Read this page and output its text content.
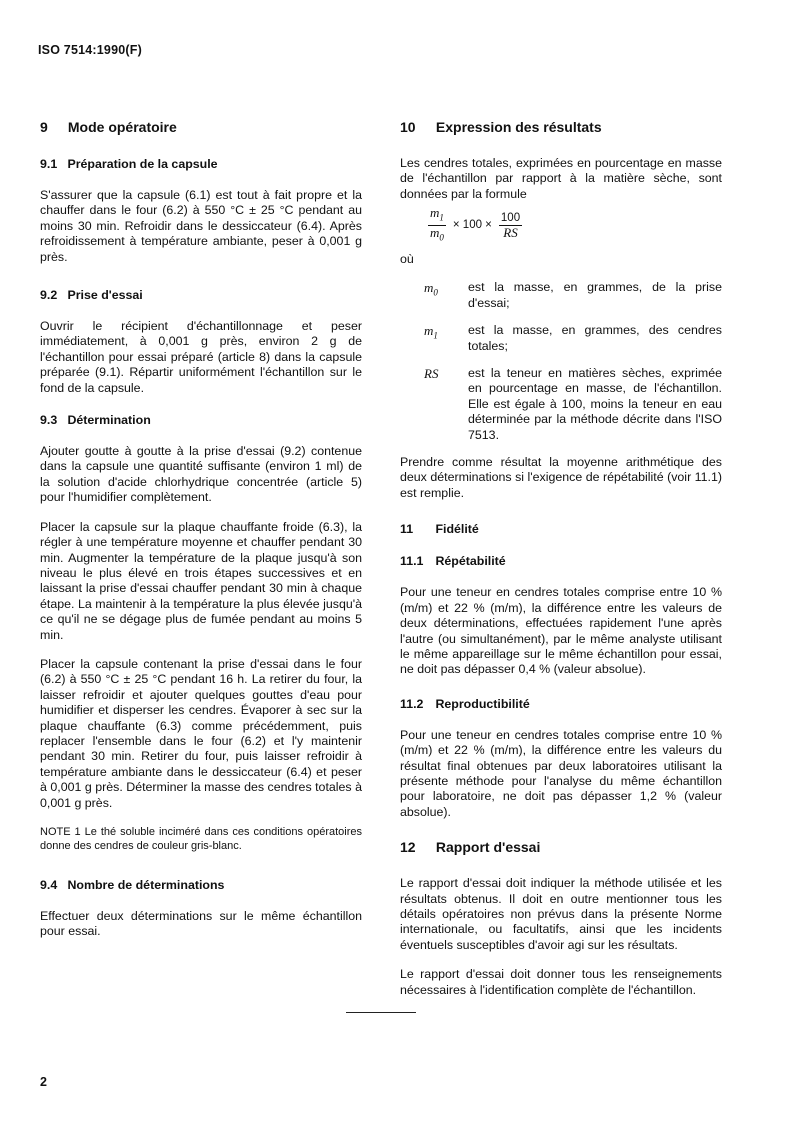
ISO 7514:1990(F)
9 Mode opératoire
9.1 Préparation de la capsule

S'assurer que la capsule (6.1) est tout à fait propre et la chauffer dans le four (6.2) à 550 °C ± 25 °C pendant au moins 30 min. Refroidir dans le dessiccateur (6.4). Après refroidissement à température ambiante, peser à 0,001 g près.

9.2 Prise d'essai

Ouvrir le récipient d'échantillonnage et peser immédiatement, à 0,001 g près, environ 2 g de l'échantillon pour essai préparé (article 8) dans la capsule préparée (9.1). Répartir uniformément l'échantillon sur le fond de la capsule.

9.3 Détermination

Ajouter goutte à goutte à la prise d'essai (9.2) contenue dans la capsule une quantité suffisante (environ 1 ml) de la solution d'acide chlorhydrique concentrée (article 5) pour l'humidifier complètement.

Placer la capsule sur la plaque chauffante froide (6.3), la régler à une température moyenne et chauffer pendant 30 min. Augmenter la température de la plaque jusqu'à son niveau le plus élevé en trois étapes successives et en laissant la prise d'essai chauffer pendant 30 min à chaque étape. La maintenir à la température la plus élevée jusqu'à ce qu'il ne se dégage plus de fumée pendant au moins 5 min.

Placer la capsule contenant la prise d'essai dans le four (6.2) à 550 °C ± 25 °C pendant 16 h. La retirer du four, la laisser refroidir et ajouter quelques gouttes d'eau pour humidifier et disperser les cendres. Évaporer à sec sur la plaque chauffante (6.3) comme précédemment, puis replacer l'ensemble dans le four (6.2) et l'y maintenir pendant 30 min. Retirer du four, puis laisser refroidir à température ambiante dans le dessiccateur (6.4) et peser à 0,001 g près. Déterminer la masse des cendres totales à 0,001 g près.

NOTE 1 Le thé soluble inciméré dans ces conditions opératoires donne des cendres de couleur gris-blanc.

9.4 Nombre de déterminations

Effectuer deux déterminations sur le même échantillon pour essai.

10 Expression des résultats

Les cendres totales, exprimées en pourcentage en masse de l'échantillon par rapport à la matière sèche, sont données par la formule

$\frac{m_1}{m_0} \times 100 \times \frac{100}{RS}$
où
$m_0$	est la masse, en grammes, de la prise d'essai;
$m_1$	est la masse, en grammes, des cendres totales;
RS	est la teneur en matières sèches, exprimée en pourcentage en masse, de l'échantillon. Elle est égale à 100, moins la teneur en eau déterminée par la méthode décrite dans l'ISO 7513.

Prendre comme résultat la moyenne arithmétique des deux déterminations si l'exigence de répétabilité (voir 11.1) est remplie.

11 Fidélité
11.1 Répétabilité

Pour une teneur en cendres totales comprise entre 10 % (m/m) et 22 % (m/m), la différence entre les valeurs de deux déterminations, effectuées rapidement l'une après l'autre (ou simultanément), par le même analyste utilisant le même appareillage sur le même échantillon pour essai, ne doit pas dépasser 0,4 % (valeur absolue).

11.2 Reproductibilité

Pour une teneur en cendres totales comprise entre 10 % (m/m) et 22 % (m/m), la différence entre les valeurs du résultat final obtenues par deux laboratoires utilisant la présente méthode pour l'analyse du même échantillon pour laboratoire, ne doit pas dépasser 1,2 % (valeur absolue).

12 Rapport d'essai

Le rapport d'essai doit indiquer la méthode utilisée et les résultats obtenus. Il doit en outre mentionner tous les détails opératoires non prévus dans la présente Norme internationale, ou facultatifs, ainsi que les incidents éventuels susceptibles d'avoir agi sur les résultats.

Le rapport d'essai doit donner tous les renseignements nécessaires à l'identification complète de l'échantillon.

2
